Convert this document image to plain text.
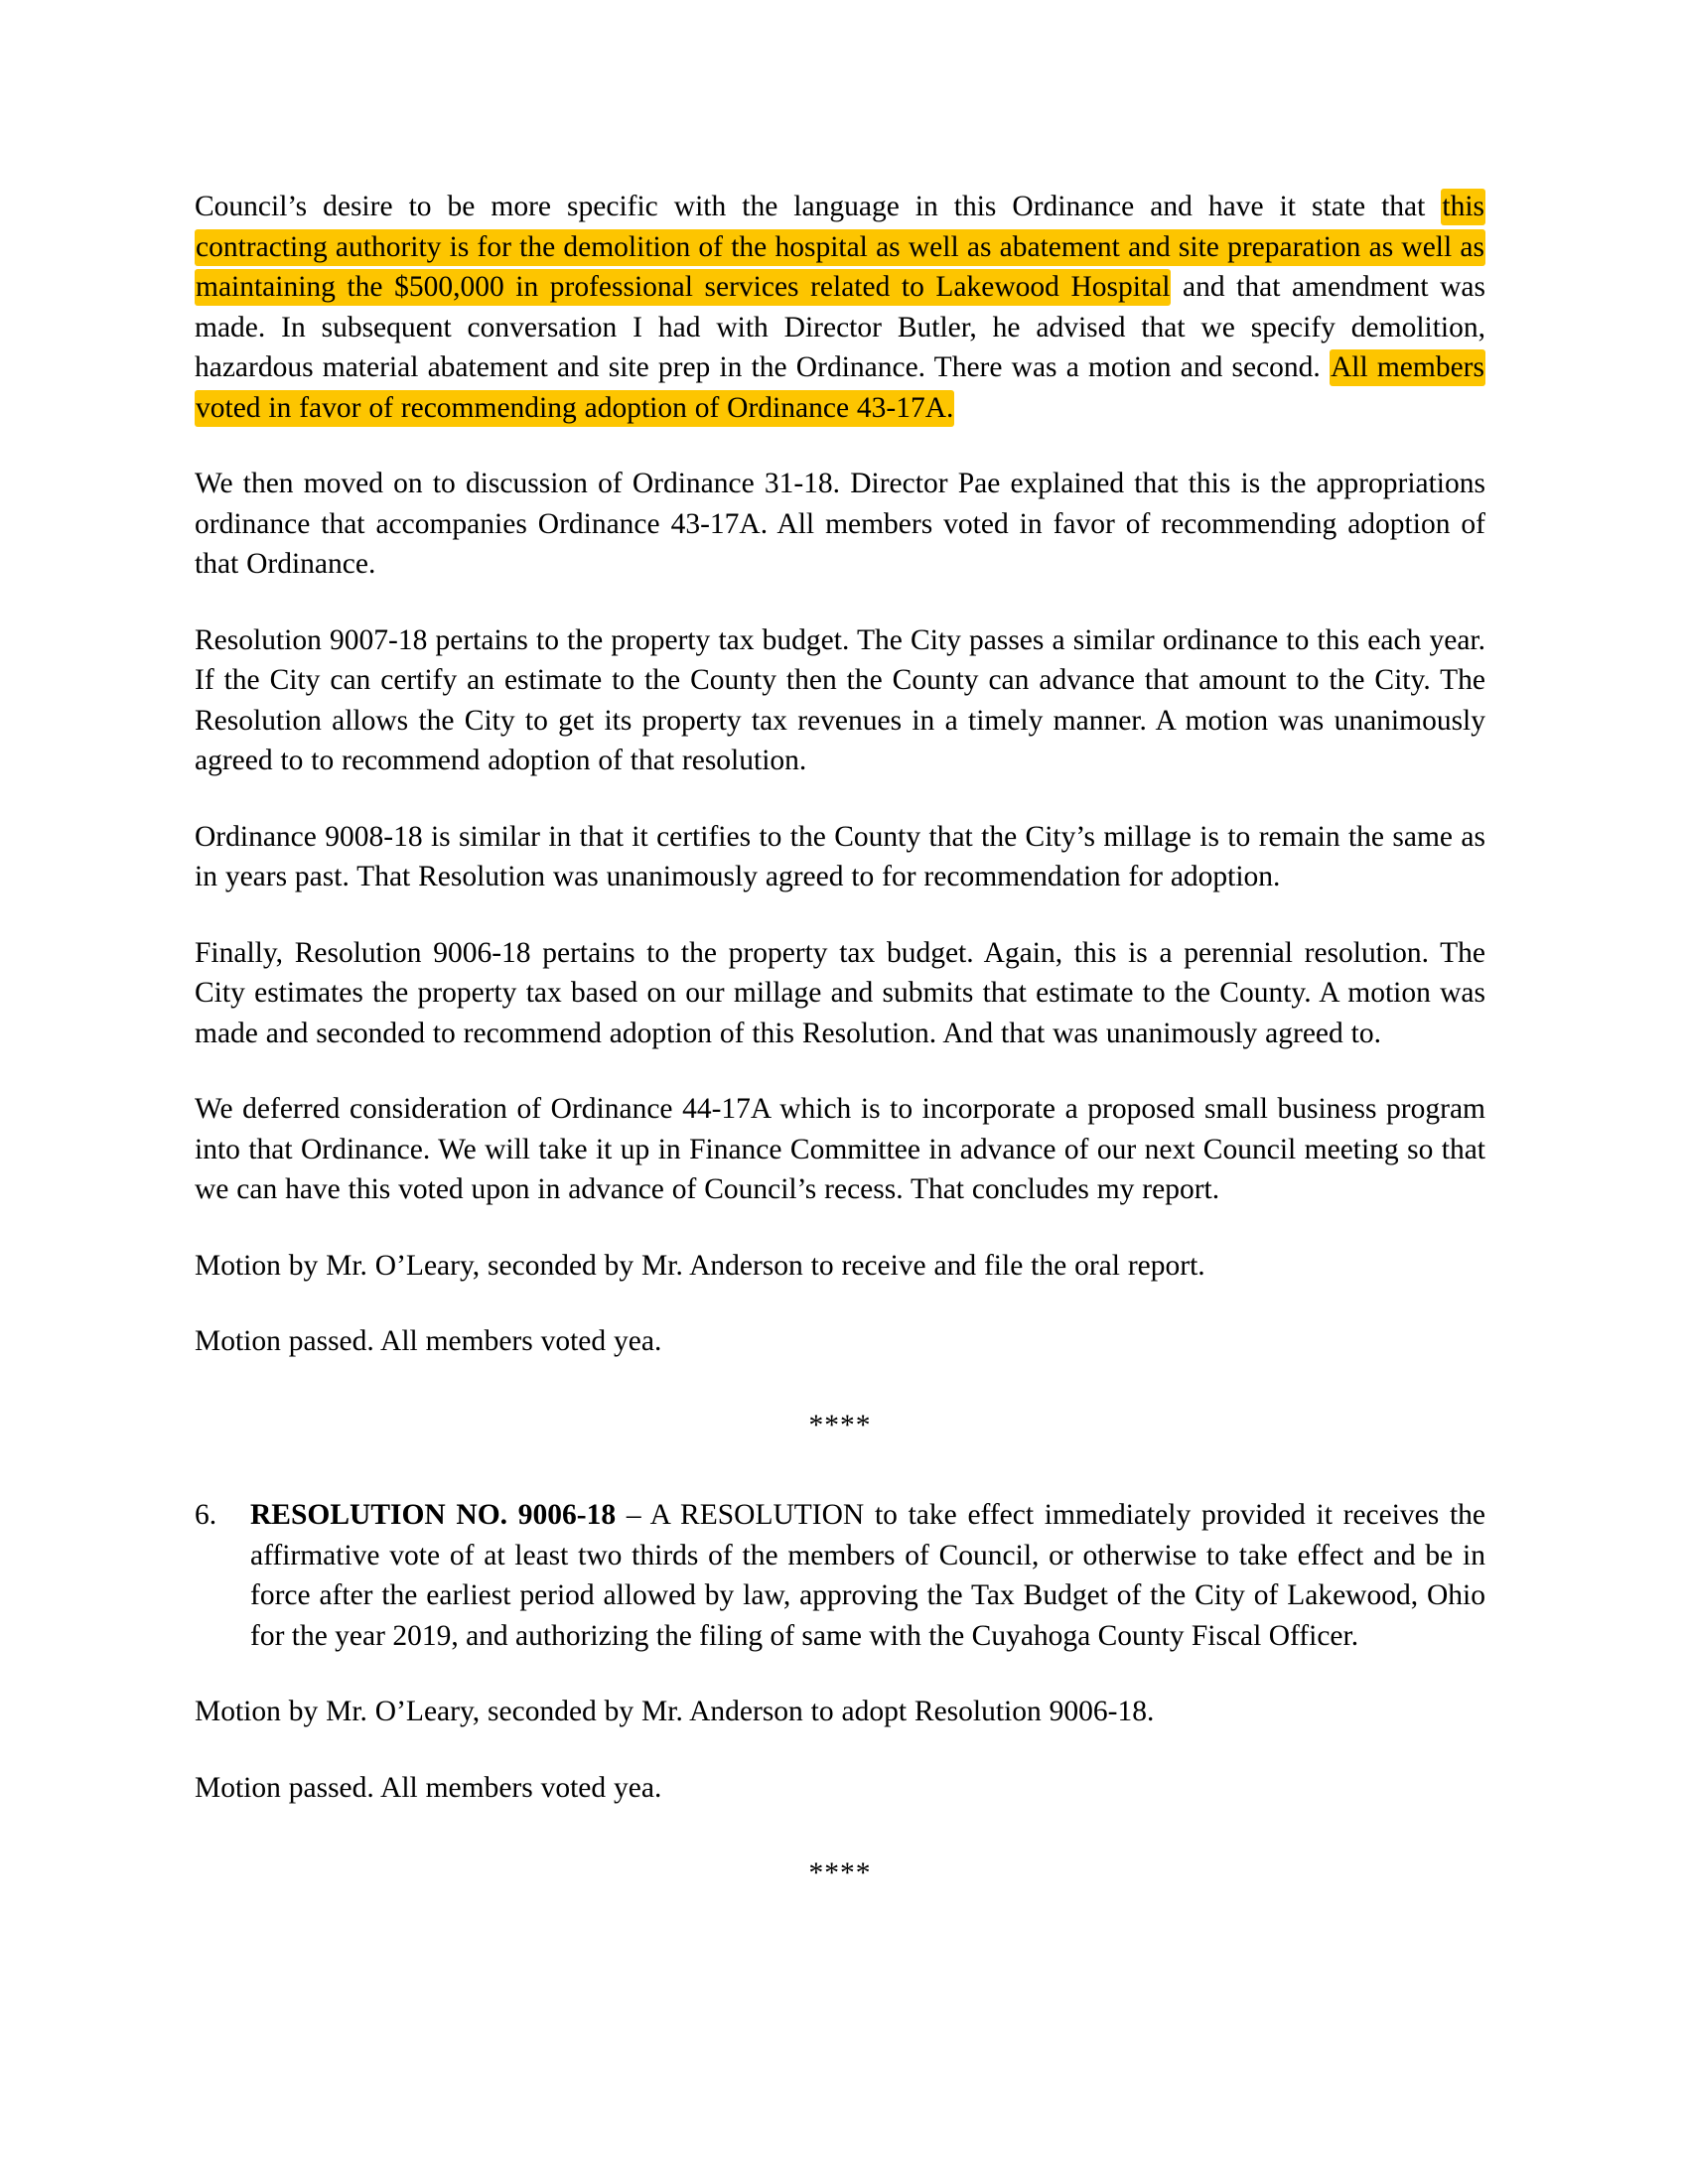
Council’s desire to be more specific with the language in this Ordinance and have it state that this contracting authority is for the demolition of the hospital as well as abatement and site preparation as well as maintaining the $500,000 in professional services related to Lakewood Hospital and that amendment was made. In subsequent conversation I had with Director Butler, he advised that we specify demolition, hazardous material abatement and site prep in the Ordinance. There was a motion and second. All members voted in favor of recommending adoption of Ordinance 43-17A.

We then moved on to discussion of Ordinance 31-18. Director Pae explained that this is the appropriations ordinance that accompanies Ordinance 43-17A. All members voted in favor of recommending adoption of that Ordinance.

Resolution 9007-18 pertains to the property tax budget. The City passes a similar ordinance to this each year. If the City can certify an estimate to the County then the County can advance that amount to the City. The Resolution allows the City to get its property tax revenues in a timely manner. A motion was unanimously agreed to to recommend adoption of that resolution.

Ordinance 9008-18 is similar in that it certifies to the County that the City’s millage is to remain the same as in years past. That Resolution was unanimously agreed to for recommendation for adoption.

Finally, Resolution 9006-18 pertains to the property tax budget. Again, this is a perennial resolution. The City estimates the property tax based on our millage and submits that estimate to the County. A motion was made and seconded to recommend adoption of this Resolution. And that was unanimously agreed to.

We deferred consideration of Ordinance 44-17A which is to incorporate a proposed small business program into that Ordinance. We will take it up in Finance Committee in advance of our next Council meeting so that we can have this voted upon in advance of Council’s recess. That concludes my report.

Motion by Mr. O’Leary, seconded by Mr. Anderson to receive and file the oral report.

Motion passed. All members voted yea.

****

6.	RESOLUTION NO. 9006-18 – A RESOLUTION to take effect immediately provided it receives the affirmative vote of at least two thirds of the members of Council, or otherwise to take effect and be in force after the earliest period allowed by law, approving the Tax Budget of the City of Lakewood, Ohio for the year 2019, and authorizing the filing of same with the Cuyahoga County Fiscal Officer.

Motion by Mr. O’Leary, seconded by Mr. Anderson to adopt Resolution 9006-18.

Motion passed. All members voted yea.

****
